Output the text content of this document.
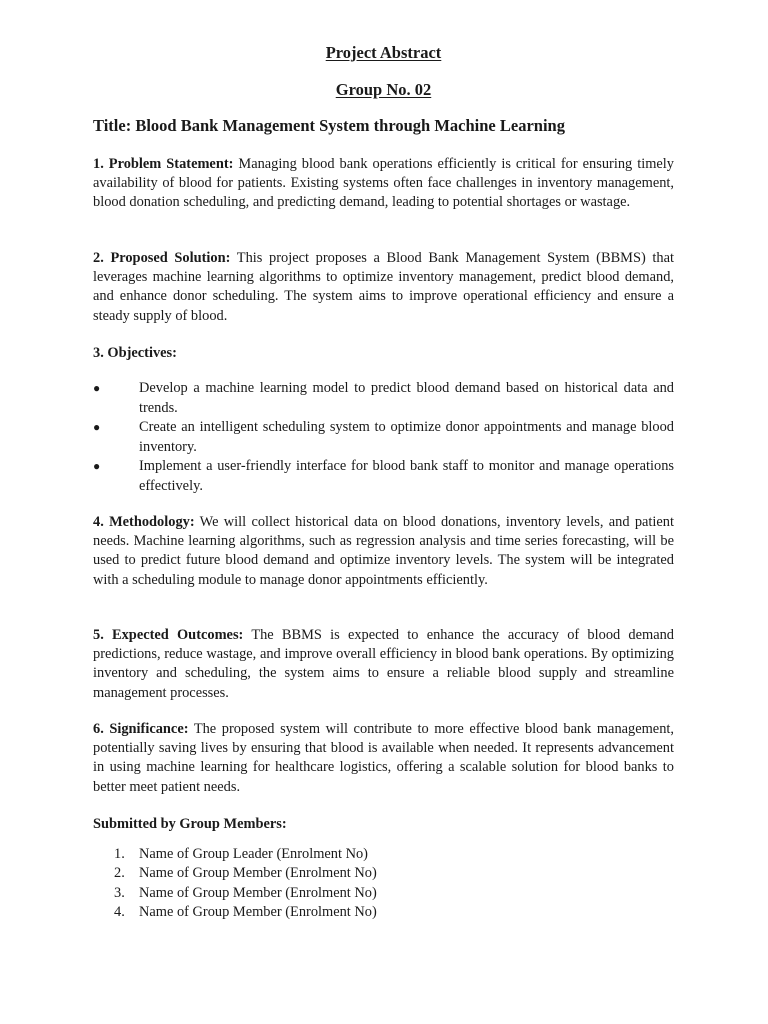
Project Abstract
Group No. 02
Title: Blood Bank Management System through Machine Learning

1. Problem Statement: Managing blood bank operations efficiently is critical for ensuring timely availability of blood for patients. Existing systems often face challenges in inventory management, blood donation scheduling, and predicting demand, leading to potential shortages or wastage.

2. Proposed Solution: This project proposes a Blood Bank Management System (BBMS) that leverages machine learning algorithms to optimize inventory management, predict blood demand, and enhance donor scheduling. The system aims to improve operational efficiency and ensure a steady supply of blood.

3. Objectives:

●	Develop a machine learning model to predict blood demand based on historical data and trends.
●	Create an intelligent scheduling system to optimize donor appointments and manage blood inventory.
●	Implement a user-friendly interface for blood bank staff to monitor and manage operations effectively.

4. Methodology: We will collect historical data on blood donations, inventory levels, and patient needs. Machine learning algorithms, such as regression analysis and time series forecasting, will be used to predict future blood demand and optimize inventory levels. The system will be integrated with a scheduling module to manage donor appointments efficiently.

5. Expected Outcomes: The BBMS is expected to enhance the accuracy of blood demand predictions, reduce wastage, and improve overall efficiency in blood bank operations. By optimizing inventory and scheduling, the system aims to ensure a reliable blood supply and streamline management processes.

6. Significance: The proposed system will contribute to more effective blood bank management, potentially saving lives by ensuring that blood is available when needed. It represents advancement in using machine learning for healthcare logistics, offering a scalable solution for blood banks to better meet patient needs.

Submitted by Group Members:

1. Name of Group Leader (Enrolment No)
2. Name of Group Member (Enrolment No)
3. Name of Group Member (Enrolment No)
4. Name of Group Member (Enrolment No)
